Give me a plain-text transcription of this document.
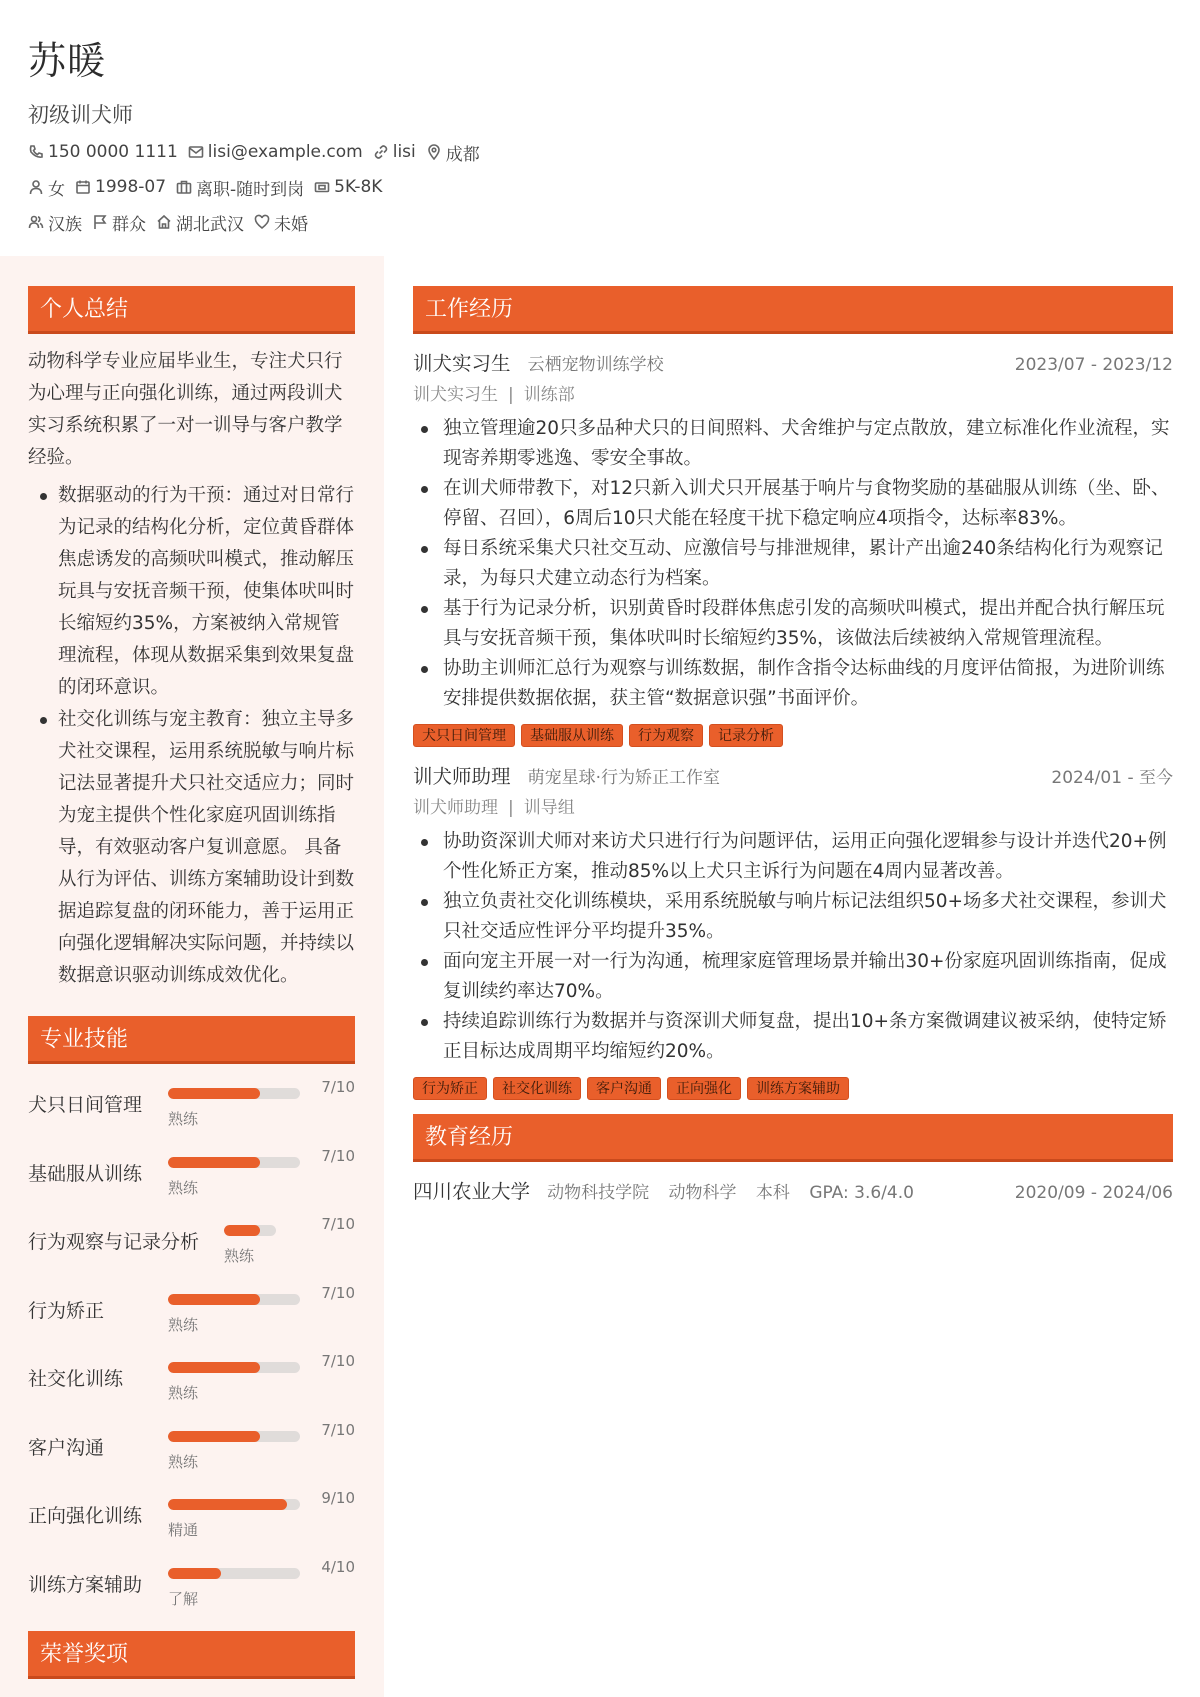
苏暖
初级训犬师
150 0000 1111 lisi@example.com lisi 成都
女 1998-07 离职-随时到岗 5K-8K
汉族 群众 湖北武汉 未婚
个人总结
动物科学专业应届毕业生，专注犬只行为心理与正向强化训练，通过两段训犬实习系统积累了一对一训导与客户教学经验。
数据驱动的行为干预：通过对日常行为记录的结构化分析，定位黄昏群体焦虑诱发的高频吠叫模式，推动解压玩具与安抚音频干预，使集体吠叫时长缩短约35%，方案被纳入常规管理流程，体现从数据采集到效果复盘的闭环意识。
社交化训练与宠主教育：独立主导多犬社交课程，运用系统脱敏与响片标记法显著提升犬只社交适应力；同时为宠主提供个性化家庭巩固训练指导，有效驱动客户复训意愿。 具备从行为评估、训练方案辅助设计到数据追踪复盘的闭环能力，善于运用正向强化逻辑解决实际问题，并持续以数据意识驱动训练成效优化。
专业技能
犬只日间管理
7/10
熟练
基础服从训练
7/10
熟练
行为观察与记录分析
7/10
熟练
行为矫正
7/10
熟练
社交化训练
7/10
熟练
客户沟通
7/10
熟练
正向强化训练
9/10
精通
训练方案辅助
4/10
了解
荣誉奖项
工作经历
训犬实习生 云栖宠物训练学校	2023/07 - 2023/12
训犬实习生 | 训练部
独立管理逾20只多品种犬只的日间照料、犬舍维护与定点散放，建立标准化作业流程，实现寄养期零逃逸、零安全事故。
在训犬师带教下，对12只新入训犬只开展基于响片与食物奖励的基础服从训练（坐、卧、停留、召回），6周后10只犬能在轻度干扰下稳定响应4项指令，达标率83%。
每日系统采集犬只社交互动、应激信号与排泄规律，累计产出逾240条结构化行为观察记录，为每只犬建立动态行为档案。
基于行为记录分析，识别黄昏时段群体焦虑引发的高频吠叫模式，提出并配合执行解压玩具与安抚音频干预，集体吠叫时长缩短约35%，该做法后续被纳入常规管理流程。
协助主训师汇总行为观察与训练数据，制作含指令达标曲线的月度评估简报，为进阶训练安排提供数据依据，获主管“数据意识强”书面评价。
犬只日间管理	基础服从训练	行为观察	记录分析
训犬师助理 萌宠星球·行为矫正工作室	2024/01 - 至今
训犬师助理 | 训导组
协助资深训犬师对来访犬只进行行为问题评估，运用正向强化逻辑参与设计并迭代20+例个性化矫正方案，推动85%以上犬只主诉行为问题在4周内显著改善。
独立负责社交化训练模块，采用系统脱敏与响片标记法组织50+场多犬社交课程，参训犬只社交适应性评分平均提升35%。
面向宠主开展一对一行为沟通，梳理家庭管理场景并输出30+份家庭巩固训练指南，促成复训续约率达70%。
持续追踪训练行为数据并与资深训犬师复盘，提出10+条方案微调建议被采纳，使特定矫正目标达成周期平均缩短约20%。
行为矫正	社交化训练	客户沟通	正向强化	训练方案辅助
教育经历
四川农业大学 动物科技学院 动物科学 本科 GPA: 3.6/4.0	2020/09 - 2024/06
